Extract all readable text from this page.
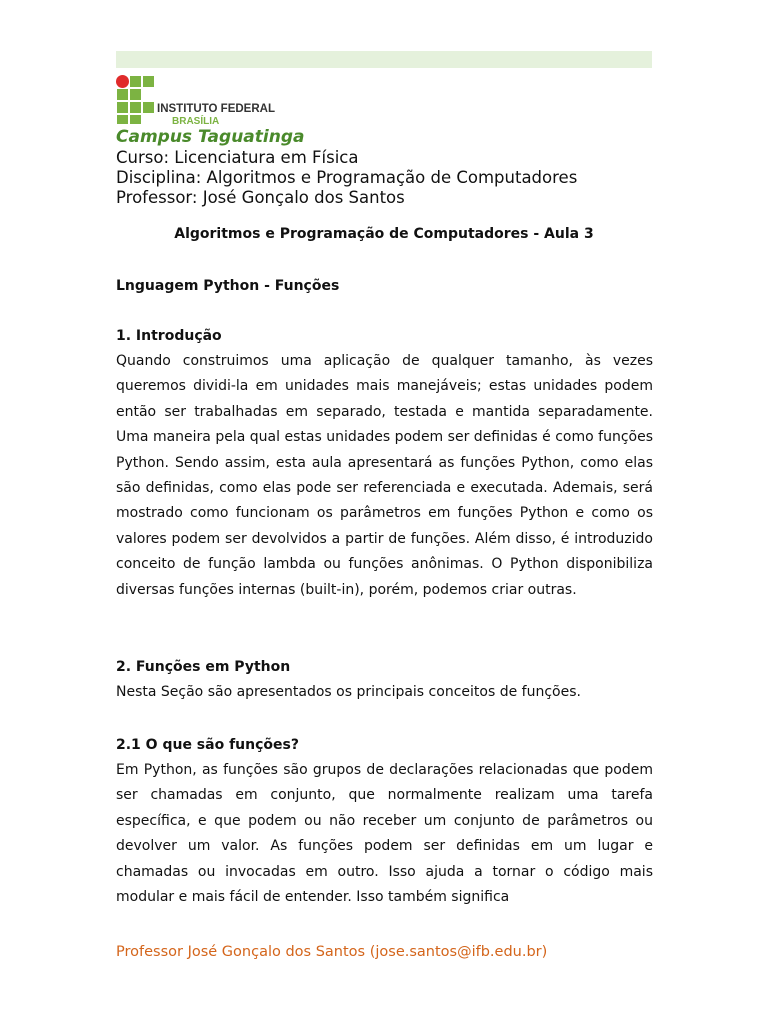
INSTITUTO FEDERAL
BRASÍLIA

Campus Taguatinga

Curso: Licenciatura em Física

Disciplina: Algoritmos e Programação de Computadores

Professor: José Gonçalo dos Santos

Algoritmos e Programação de Computadores - Aula 3

Lnguagem Python - Funções

1. Introdução

Quando construimos uma aplicação de qualquer tamanho, às vezes queremos dividi-la em unidades mais manejáveis; estas unidades podem então ser trabalhadas em separado, testada e mantida separadamente. Uma maneira pela qual estas unidades podem ser definidas é como funções Python. Sendo assim, esta aula apresentará as funções Python, como elas são definidas, como elas pode ser referenciada e executada. Ademais, será mostrado como funcionam os parâmetros em funções Python e como os valores podem ser devolvidos a partir de funções. Além disso, é introduzido conceito de função lambda ou funções anônimas. O Python disponibiliza diversas funções internas (built-in), porém, podemos criar outras.

2. Funções em Python

Nesta Seção são apresentados os principais conceitos de funções.

2.1 O que são funções?

Em Python, as funções são grupos de declarações relacionadas que podem ser chamadas em conjunto, que normalmente realizam uma tarefa específica, e que podem ou não receber um conjunto de parâmetros ou devolver um valor. As funções podem ser definidas em um lugar e chamadas ou invocadas em outro. Isso ajuda a tornar o código mais modular e mais fácil de entender. Isso também significa

Professor José Gonçalo dos Santos (jose.santos@ifb.edu.br)
